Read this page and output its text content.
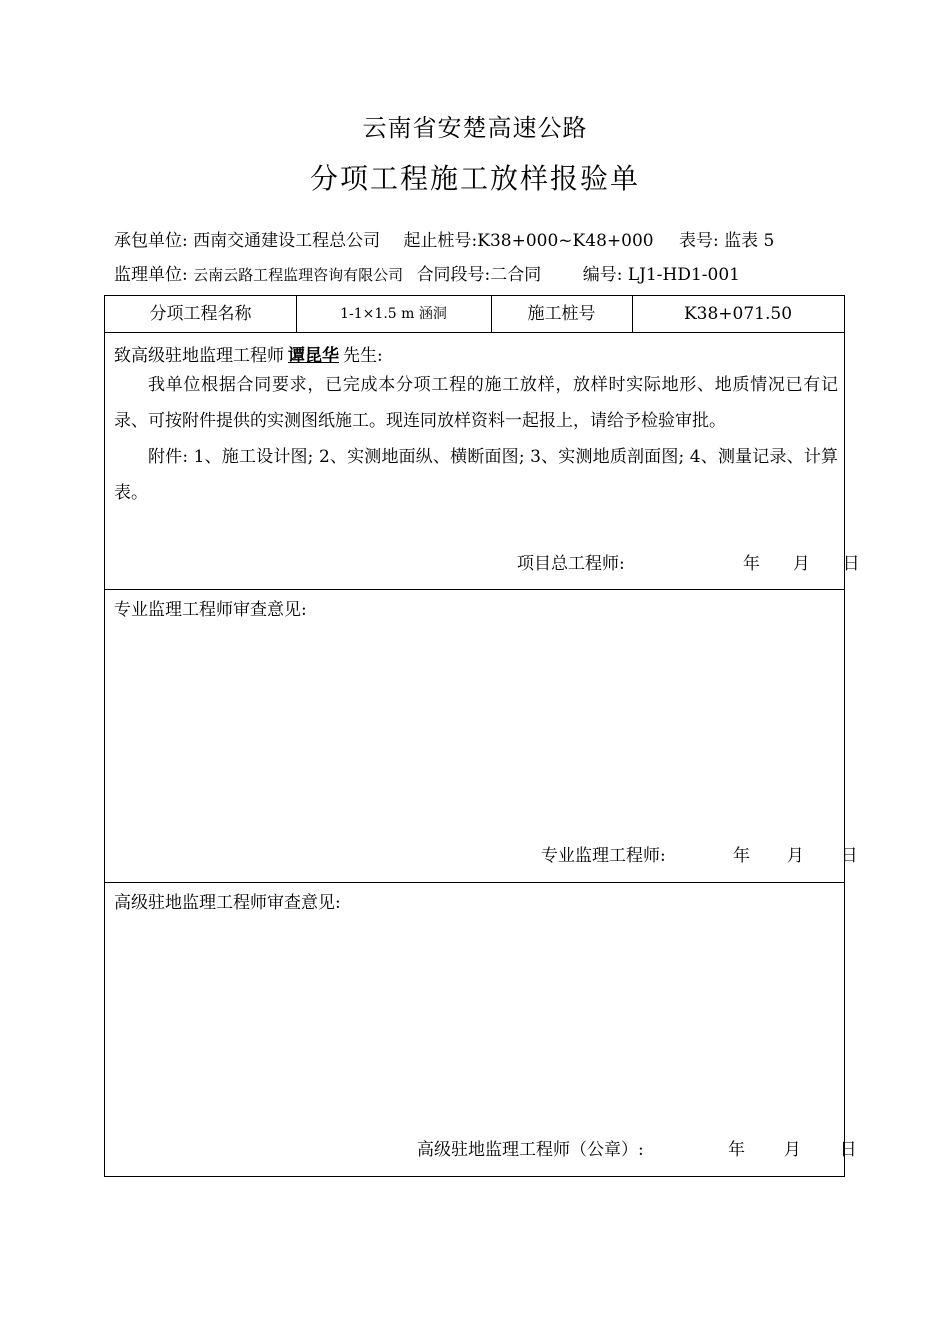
云南省安楚高速公路
分项工程施工放样报验单
承包单位: 西南交通建设工程总公司 起止桩号:K38+000~K48+000 表号: 监表 5
监理单位: 云南云路工程监理咨询有限公司 合同段号:二合同 编号: LJ1-HD1-001
分项工程名称	1-1×1.5 m 涵洞	施工桩号	K38+071.50
致高级驻地监理工程师 谭昆华 先生:

我单位根据合同要求，已完成本分项工程的施工放样，放样时实际地形、地质情况已有记录、可按附件提供的实测图纸施工。现连同放样资料一起报上，请给予检验审批。

附件: 1、施工设计图; 2、实测地面纵、横断面图; 3、实测地质剖面图; 4、测量记录、计算表。

项目总工程师:	年 月 日
专业监理工程师审查意见:
专业监理工程师:	年 月 日
高级驻地监理工程师审查意见:
高级驻地监理工程师（公章）:	年 月 日
